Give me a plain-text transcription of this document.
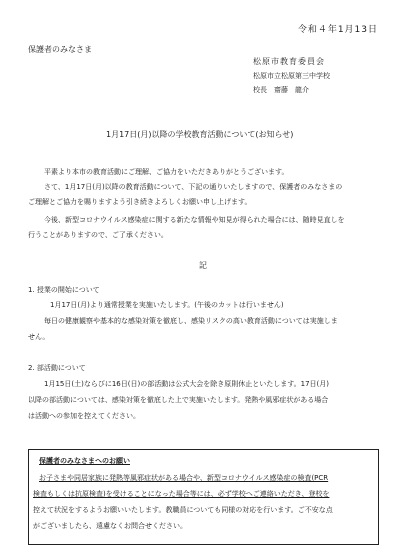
令和４年1月13日
保護者のみなさま
松原市教育委員会
松原市立松原第三中学校
校長　齋藤　龍介
1月17日(月)以降の学校教育活動について(お知らせ)
平素より本市の教育活動にご理解、ご協力をいただきありがとうございます。
さて、1月17日(月)以降の教育活動について、下記の通りいたしますので、保護者のみなさまの
ご理解とご協力を賜りますよう引き続きよろしくお願い申し上げます。
今後、新型コロナウイルス感染症に関する新たな情報や知見が得られた場合には、随時見直しを
行うことがありますので、ご了承ください。
記
1. 授業の開始について
1月17日(月)より通常授業を実施いたします。(午後のカットは行いません)
毎日の健康観察や基本的な感染対策を徹底し、感染リスクの高い教育活動については実施しま
せん。
2. 部活動について
1月15日(土)ならびに16日(日)の部活動は公式大会を除き原則休止といたします。17日(月)
以降の部活動については、感染対策を徹底した上で実施いたします。発熱や風邪症状がある場合
は活動への参加を控えてください。
保護者のみなさまへのお願い
お子さまや同居家族に発熱等風邪症状がある場合や、新型コロナウイルス感染症の検査(PCR
検査もしくは抗原検査)を受けることになった場合等には、必ず学校へご連絡いただき、登校を
控えて状況をするようお願いいたします。教職員についても同様の対応を行います。ご不安な点
がございましたら、遠慮なくお問合せください。
